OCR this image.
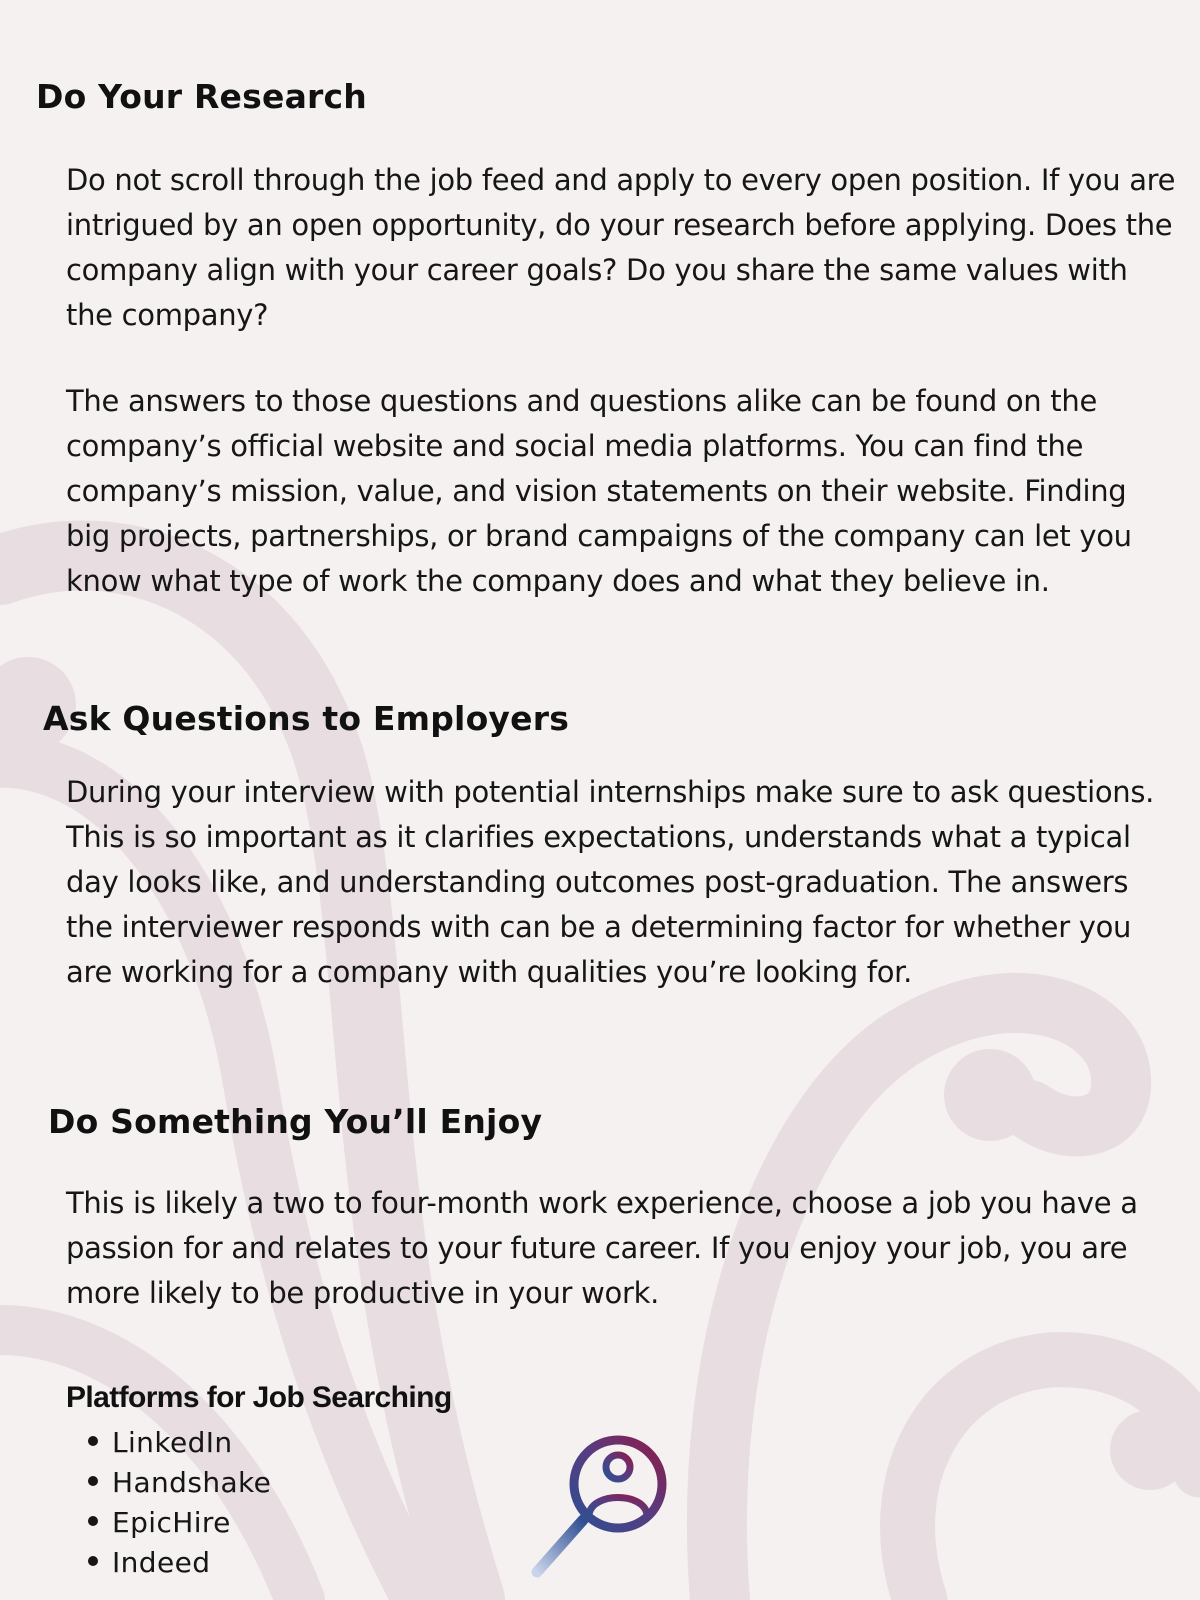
Do Your Research

Do not scroll through the job feed and apply to every open position. If you are intrigued by an open opportunity, do your research before applying. Does the company align with your career goals? Do you share the same values with the company?

The answers to those questions and questions alike can be found on the company’s official website and social media platforms. You can find the company’s mission, value, and vision statements on their website. Finding big projects, partnerships, or brand campaigns of the company can let you know what type of work the company does and what they believe in.

Ask Questions to Employers

During your interview with potential internships make sure to ask questions. This is so important as it clarifies expectations, understands what a typical day looks like, and understanding outcomes post-graduation. The answers the interviewer responds with can be a determining factor for whether you are working for a company with qualities you’re looking for.

Do Something You’ll Enjoy

This is likely a two to four-month work experience, choose a job you have a passion for and relates to your future career. If you enjoy your job, you are more likely to be productive in your work.

Platforms for Job Searching
LinkedIn
Handshake
EpicHire
Indeed
